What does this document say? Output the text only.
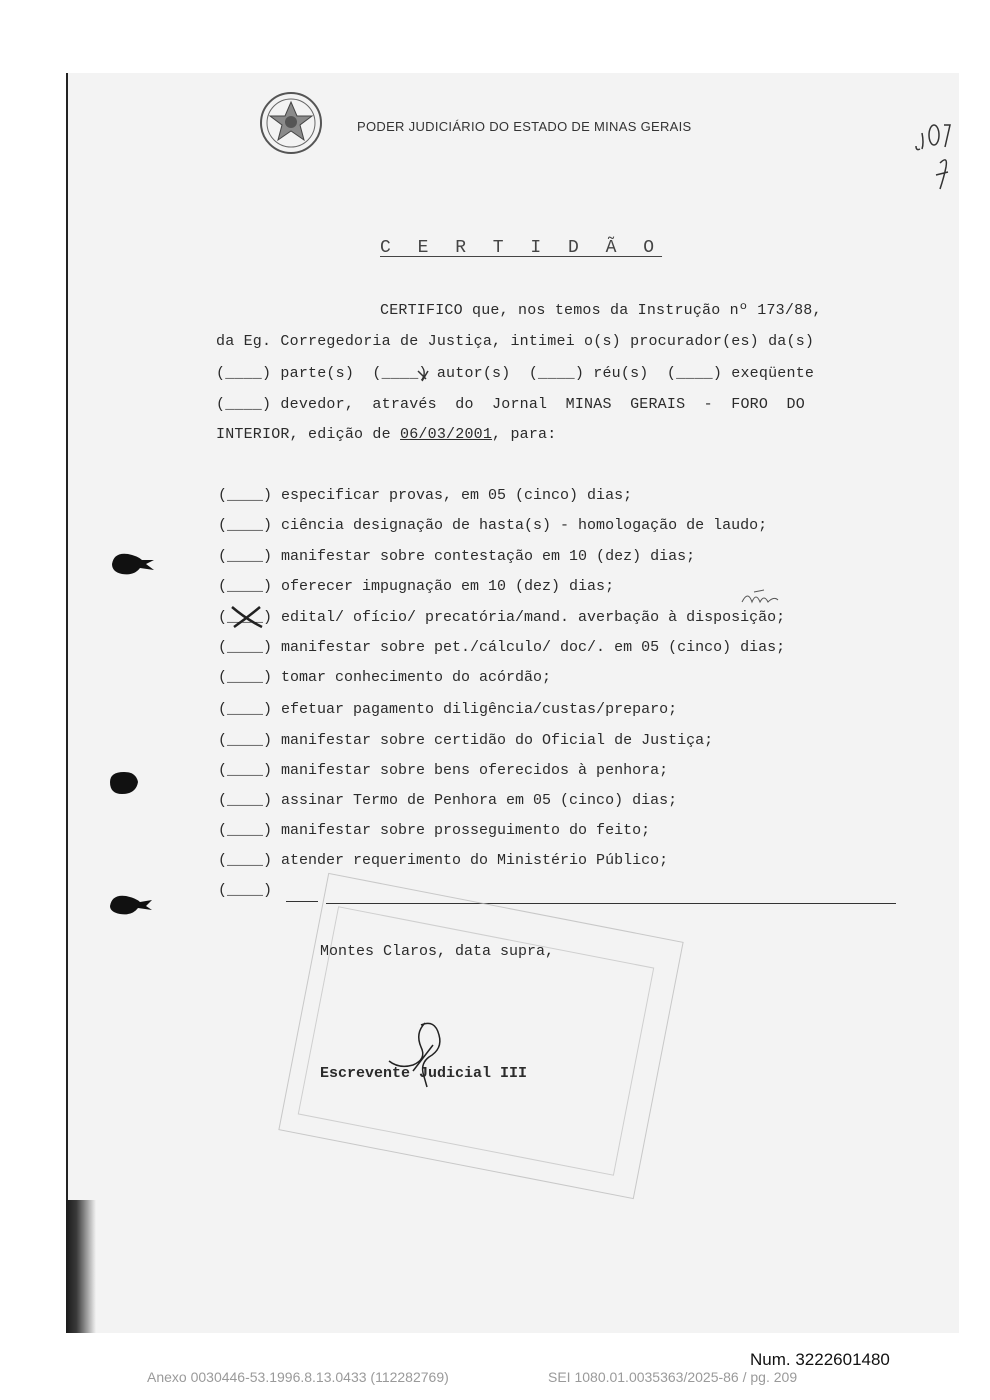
PODER JUDICIÁRIO DO ESTADO DE MINAS GERAIS
C E R T I D Ã O
CERTIFICO que, nos temos da Instrução nº 173/88,
da Eg. Corregedoria de Justiça, intimei o(s) procurador(es) da(s)
(____) parte(s)  (____) autor(s)  (____) réu(s)  (____) exeqüente
(____) devedor,  através  do  Jornal  MINAS  GERAIS  -  FORO  DO
INTERIOR, edição de 06/03/2001, para:
(____) especificar provas, em 05 (cinco) dias;
(____) ciência designação de hasta(s) - homologação de laudo;
(____) manifestar sobre contestação em 10 (dez) dias;
(____) oferecer impugnação em 10 (dez) dias;
(____) edital/ ofício/ precatória/mand. averbação à disposição;
(____) manifestar sobre pet./cálculo/ doc/. em 05 (cinco) dias;
(____) tomar conhecimento do acórdão;
(____) efetuar pagamento diligência/custas/preparo;
(____) manifestar sobre certidão do Oficial de Justiça;
(____) manifestar sobre bens oferecidos à penhora;
(____) assinar Termo de Penhora em 05 (cinco) dias;
(____) manifestar sobre prosseguimento do feito;
(____) atender requerimento do Ministério Público;
(____)
Montes Claros, data supra,
Escrevente Judicial III
Num. 3222601480
Anexo 0030446-53.1996.8.13.0433 (112282769)	SEI 1080.01.0035363/2025-86 / pg. 209
